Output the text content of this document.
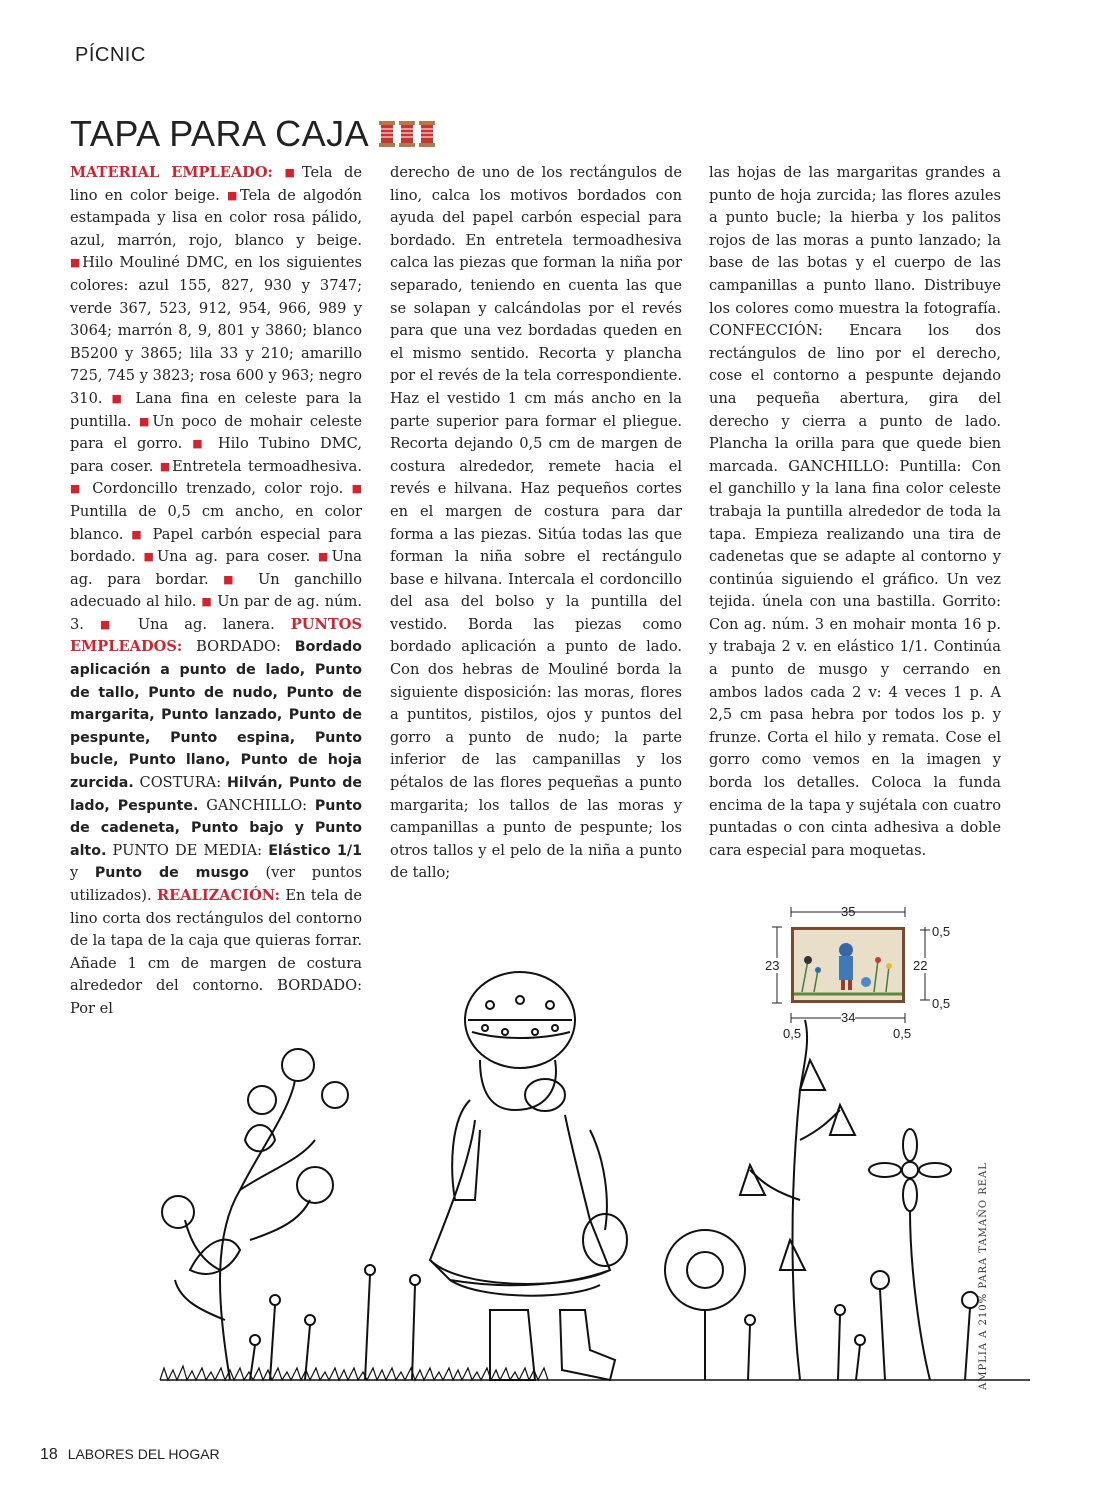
PÍCNIC
TAPA PARA CAJA

MATERIAL EMPLEADO: ■Tela de lino en color beige. ■Tela de algodón estampada y lisa en color rosa pálido, azul, marrón, rojo, blanco y beige. ■Hilo Mouliné DMC, en los siguientes colores: azul 155, 827, 930 y 3747; verde 367, 523, 912, 954, 966, 989 y 3064; marrón 8, 9, 801 y 3860; blanco B5200 y 3865; lila 33 y 210; amarillo 725, 745 y 3823; rosa 600 y 963; negro 310. ■ Lana fina en celeste para la puntilla. ■Un poco de mohair celeste para el gorro. ■ Hilo Tubino DMC, para coser. ■Entretela termoadhesiva. ■ Cordoncillo trenzado, color rojo. ■ Puntilla de 0,5 cm ancho, en color blanco. ■ Papel carbón especial para bordado. ■Una ag. para coser. ■Una ag. para bordar. ■ Un ganchillo adecuado al hilo. ■ Un par de ag. núm. 3. ■ Una ag. lanera. PUNTOS EMPLEADOS: BORDADO: Bordado aplicación a punto de lado, Punto de tallo, Punto de nudo, Punto de margarita, Punto lanzado, Punto de pespunte, Punto espina, Punto bucle, Punto llano, Punto de hoja zurcida. COSTURA: Hilván, Punto de lado, Pespunte. GANCHILLO: Punto de cadeneta, Punto bajo y Punto alto. PUNTO DE MEDIA: Elástico 1/1 y Punto de musgo (ver puntos utilizados). REALIZACIÓN: En tela de lino corta dos rectángulos del contorno de la tapa de la caja que quieras forrar. Añade 1 cm de margen de costura alrededor del contorno. BORDADO: Por el

derecho de uno de los rectángulos de lino, calca los motivos bordados con ayuda del papel carbón especial para bordado. En entretela termoadhesiva calca las piezas que forman la niña por separado, teniendo en cuenta las que se solapan y calcándolas por el revés para que una vez bordadas queden en el mismo sentido. Recorta y plancha por el revés de la tela correspondiente. Haz el vestido 1 cm más ancho en la parte superior para formar el pliegue. Recorta dejando 0,5 cm de margen de costura alrededor, remete hacia el revés e hilvana. Haz pequeños cortes en el margen de costura para dar forma a las piezas. Sitúa todas las que forman la niña sobre el rectángulo base e hilvana. Intercala el cordoncillo del asa del bolso y la puntilla del vestido. Borda las piezas como bordado aplicación a punto de lado. Con dos hebras de Mouliné borda la siguiente disposición: las moras, flores a puntitos, pistilos, ojos y puntos del gorro a punto de nudo; la parte inferior de las campanillas y los pétalos de las flores pequeñas a punto margarita; los tallos de las moras y campanillas a punto de pespunte; los otros tallos y el pelo de la niña a punto de tallo;

las hojas de las margaritas grandes a punto de hoja zurcida; las flores azules a punto bucle; la hierba y los palitos rojos de las moras a punto lanzado; la base de las botas y el cuerpo de las campanillas a punto llano. Distribuye los colores como muestra la fotografía. CONFECCIÓN: Encara los dos rectángulos de lino por el derecho, cose el contorno a pespunte dejando una pequeña abertura, gira del derecho y cierra a punto de lado. Plancha la orilla para que quede bien marcada. GANCHILLO: Puntilla: Con el ganchillo y la lana fina color celeste trabaja la puntilla alrededor de toda la tapa. Empieza realizando una tira de cadenetas que se adapte al contorno y continúa siguiendo el gráfico. Un vez tejida. únela con una bastilla. Gorrito: Con ag. núm. 3 en mohair monta 16 p. y trabaja 2 v. en elástico 1/1. Continúa a punto de musgo y cerrando en ambos lados cada 2 v: 4 veces 1 p. A 2,5 cm pasa hebra por todos los p. y frunze. Corta el hilo y remata. Cose el gorro como vemos en la imagen y borda los detalles. Coloca la funda encima de la tapa y sujétala con cuatro puntadas o con cinta adhesiva a doble cara especial para moquetas.

35
34
23	22
0,5
0,5
0,5	0,5
AMPLIA A 210% PARA TAMAÑO REAL
18 LABORES DEL HOGAR
